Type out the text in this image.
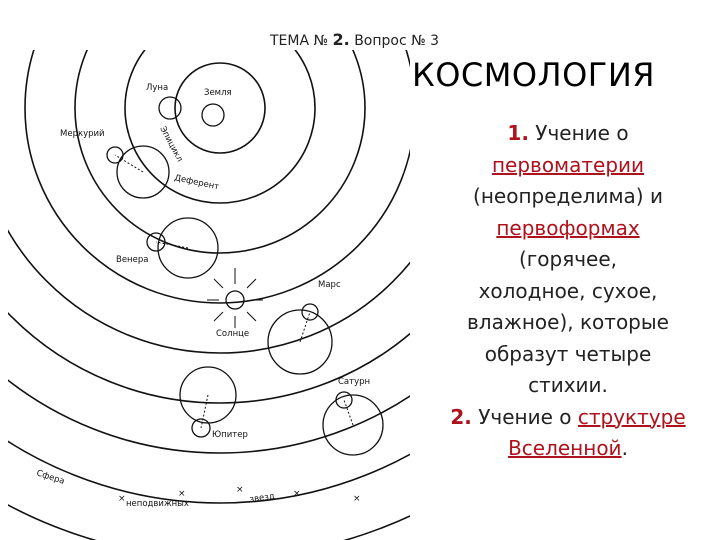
ТЕМА № 2. Вопрос № 3
×	×	×	×	×
Луна	Земля
Меркурий	Эпицикл
Деферент
Венера
Марс
Солнце
Сатурн
Юпитер
Сфера
неподвижных	звезд
КОСМОЛОГИЯ
1. Учение о
первоматерии
(неопределима) и
первоформах
(горячее,
холодное, сухое,
влажное), которые
образут четыре
стихии.
2. Учение о структуре
Вселенной.
